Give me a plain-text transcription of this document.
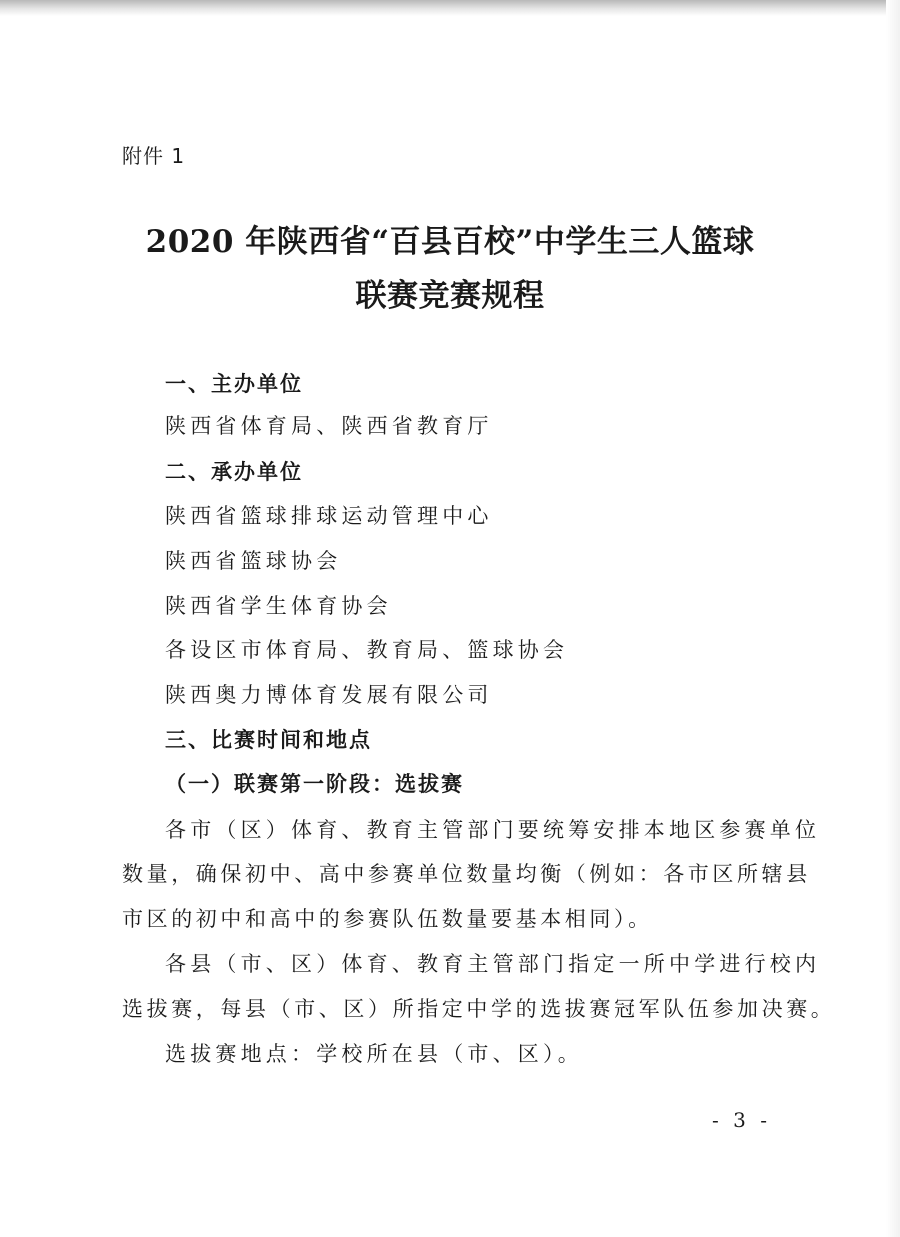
附件 1
2020 年陕西省“百县百校”中学生三人篮球
联赛竞赛规程
一、主办单位
陕西省体育局、陕西省教育厅
二、承办单位
陕西省篮球排球运动管理中心
陕西省篮球协会
陕西省学生体育协会
各设区市体育局、教育局、篮球协会
陕西奥力博体育发展有限公司
三、比赛时间和地点
（一）联赛第一阶段：选拔赛
各市（区）体育、教育主管部门要统筹安排本地区参赛单位
数量，确保初中、高中参赛单位数量均衡（例如：各市区所辖县
市区的初中和高中的参赛队伍数量要基本相同）。
各县（市、区）体育、教育主管部门指定一所中学进行校内
选拔赛，每县（市、区）所指定中学的选拔赛冠军队伍参加决赛。
选拔赛地点：学校所在县（市、区）。
- 3 -
